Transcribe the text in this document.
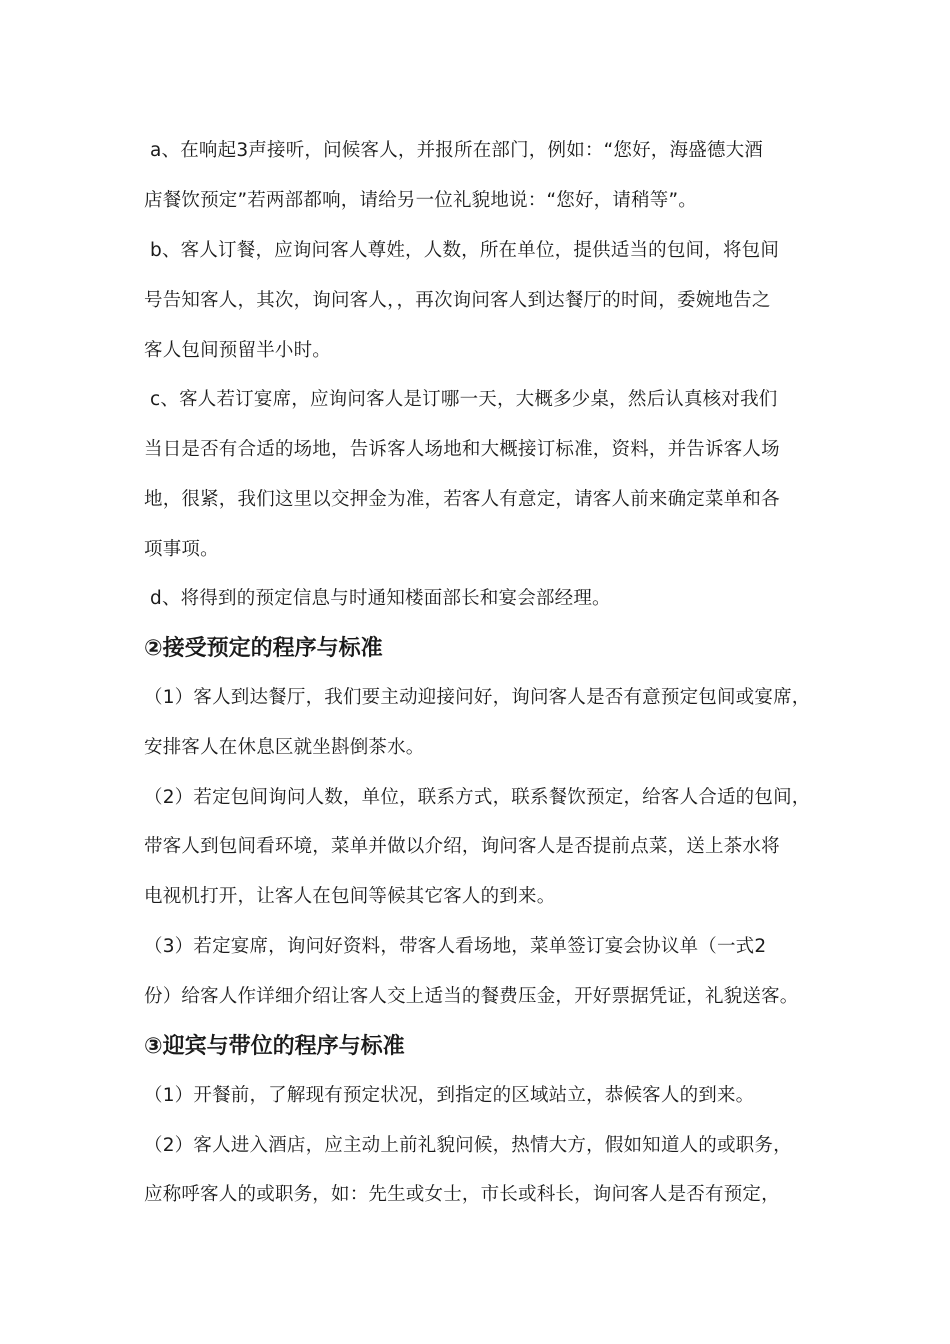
a、在响起3声接听，问候客人，并报所在部门，例如：“您好，海盛德大酒
店餐饮预定”若两部都响，请给另一位礼貌地说：“您好，请稍等”。
b、客人订餐，应询问客人尊姓，人数，所在单位，提供适当的包间，将包间
号告知客人，其次，询问客人，，再次询问客人到达餐厅的时间，委婉地告之
客人包间预留半小时。
c、客人若订宴席，应询问客人是订哪一天，大概多少桌，然后认真核对我们
当日是否有合适的场地，告诉客人场地和大概接订标准，资料，并告诉客人场
地，很紧，我们这里以交押金为准，若客人有意定，请客人前来确定菜单和各
项事项。
d、将得到的预定信息与时通知楼面部长和宴会部经理。
②接受预定的程序与标准
（1）客人到达餐厅，我们要主动迎接问好，询问客人是否有意预定包间或宴席，
安排客人在休息区就坐斟倒茶水。
（2）若定包间询问人数，单位，联系方式，联系餐饮预定，给客人合适的包间，
带客人到包间看环境，菜单并做以介绍，询问客人是否提前点菜，送上茶水将
电视机打开，让客人在包间等候其它客人的到来。
（3）若定宴席，询问好资料，带客人看场地，菜单签订宴会协议单（一式2
份）给客人作详细介绍让客人交上适当的餐费压金，开好票据凭证，礼貌送客。
③迎宾与带位的程序与标准
（1）开餐前，了解现有预定状况，到指定的区域站立，恭候客人的到来。
（2）客人进入酒店，应主动上前礼貌问候，热情大方，假如知道人的或职务，
应称呼客人的或职务，如：先生或女士，市长或科长，询问客人是否有预定，
